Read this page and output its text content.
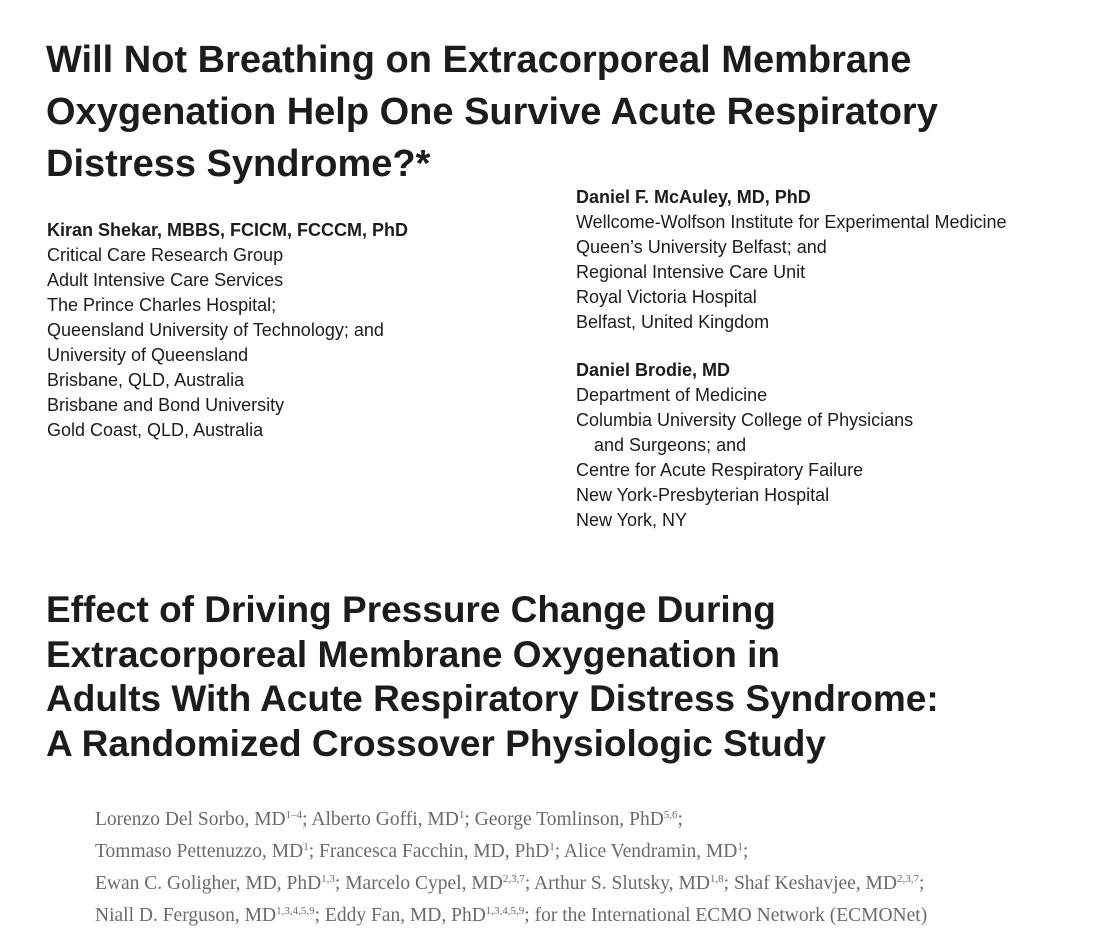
Will Not Breathing on Extracorporeal Membrane
Oxygenation Help One Survive Acute Respiratory
Distress Syndrome?*
Kiran Shekar, MBBS, FCICM, FCCCM, PhD
Critical Care Research Group
Adult Intensive Care Services
The Prince Charles Hospital;
Queensland University of Technology; and
University of Queensland
Brisbane, QLD, Australia
Brisbane and Bond University
Gold Coast, QLD, Australia
Daniel F. McAuley, MD, PhD
Wellcome-Wolfson Institute for Experimental Medicine
Queen’s University Belfast; and
Regional Intensive Care Unit
Royal Victoria Hospital
Belfast, United Kingdom
Daniel Brodie, MD
Department of Medicine
Columbia University College of Physicians
and Surgeons; and
Centre for Acute Respiratory Failure
New York-Presbyterian Hospital
New York, NY
Effect of Driving Pressure Change During
Extracorporeal Membrane Oxygenation in
Adults With Acute Respiratory Distress Syndrome:
A Randomized Crossover Physiologic Study
Lorenzo Del Sorbo, MD$^{1-4}$; Alberto Goffi, $MD^1$; George Tomlinson, PhD$^{5,6}$;
Tommaso Pettenuzzo, $MD^1$; Francesca Facchin, MD, PhD$^1$; Alice Vendramin, $MD^1$;
Ewan C. Goligher, MD, PhD$^{1,3}$; Marcelo Cypel, MD$^{2,3,7}$; Arthur S. Slutsky, MD$^{1,8}$; Shaf Keshavjee, MD$^{2,3,7}$;
Niall D. Ferguson, MD$^{1,3,4,5,9}$; Eddy Fan, MD, PhD$^{1,3,4,5,9}$; for the International ECMO Network (ECMONet)
